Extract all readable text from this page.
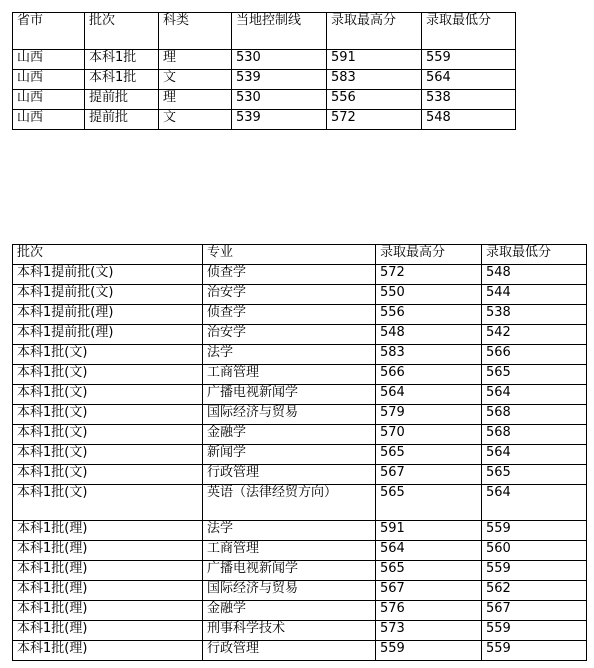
省市	批次	科类	当地控制线	录取最高分	录取最低分
山西	本科1批	理	530	591	559
山西	本科1批	文	539	583	564
山西	提前批	理	530	556	538
山西	提前批	文	539	572	548
批次	专业	录取最高分	录取最低分
本科1提前批(文)	侦查学	572	548
本科1提前批(文)	治安学	550	544
本科1提前批(理)	侦查学	556	538
本科1提前批(理)	治安学	548	542
本科1批(文)	法学	583	566
本科1批(文)	工商管理	566	565
本科1批(文)	广播电视新闻学	564	564
本科1批(文)	国际经济与贸易	579	568
本科1批(文)	金融学	570	568
本科1批(文)	新闻学	565	564
本科1批(文)	行政管理	567	565
本科1批(文)	英语（法律经贸方向）	565	564
本科1批(理)	法学	591	559
本科1批(理)	工商管理	564	560
本科1批(理)	广播电视新闻学	565	559
本科1批(理)	国际经济与贸易	567	562
本科1批(理)	金融学	576	567
本科1批(理)	刑事科学技术	573	559
本科1批(理)	行政管理	559	559
